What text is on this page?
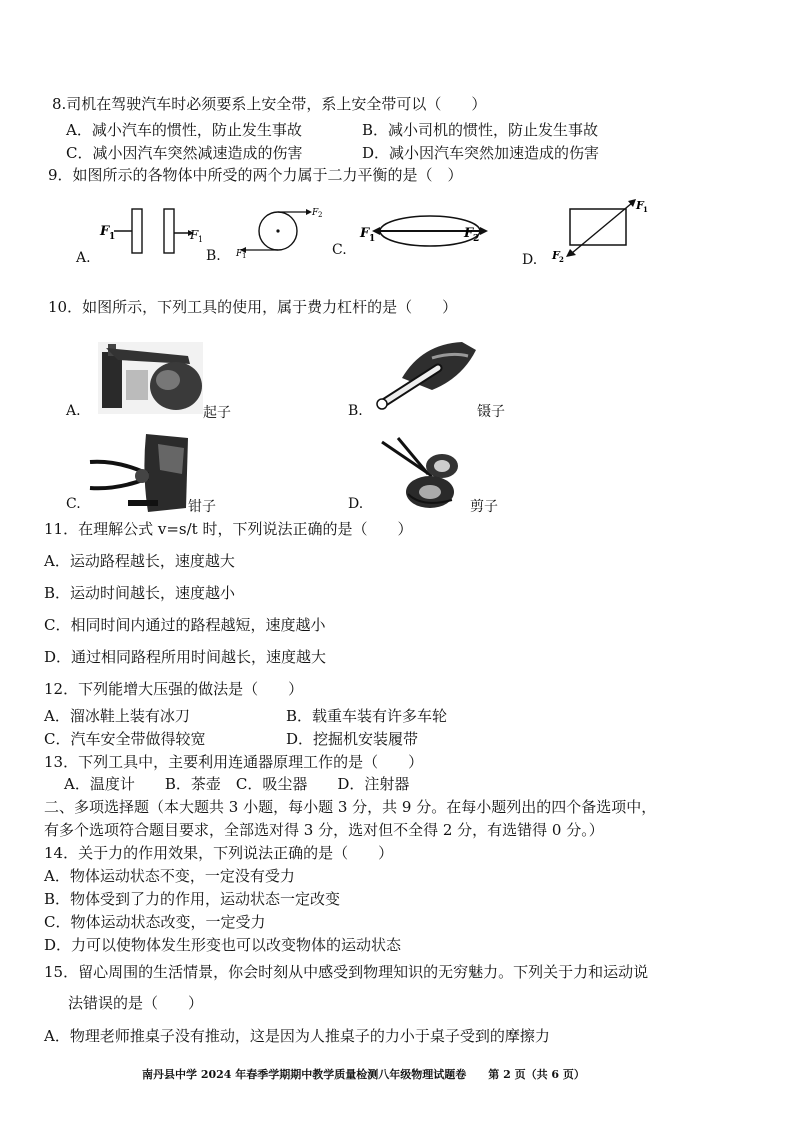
8.司机在驾驶汽车时必须要系上安全带，系上安全带可以（　　）
A．减小汽车的惯性，防止发生事故	B．减小司机的惯性，防止发生事故
C．减小因汽车突然减速造成的伤害	D．减小因汽车突然加速造成的伤害
9．如图所示的各物体中所受的两个力属于二力平衡的是（　）
F 1	F 1
F 2
F 1
F 1	F 2
F 1
F 2
A.	B.	C.
D.
10．如图所示，下列工具的使用，属于费力杠杆的是（　　）
A.	起子	B.	镊子
C.	钳子	D.	剪子
11．在理解公式 v=s/t 时，下列说法正确的是（　　）
A．运动路程越长，速度越大
B．运动时间越长，速度越小
C．相同时间内通过的路程越短，速度越小
D．通过相同路程所用时间越长，速度越大
12．下列能增大压强的做法是（　　）
A．溜冰鞋上装有冰刀	B．载重车装有许多车轮
C．汽车安全带做得较宽	D．挖掘机安装履带
13．下列工具中，主要利用连通器原理工作的是（　　）
A．温度计　　B．茶壶　C．吸尘器　　D．注射器
二、多项选择题（本大题共 3 小题，每小题 3 分，共 9 分。在每小题列出的四个备选项中，
有多个选项符合题目要求，全部选对得 3 分，选对但不全得 2 分，有选错得 0 分。）
14．关于力的作用效果，下列说法正确的是（　　）
A．物体运动状态不变，一定没有受力
B．物体受到了力的作用，运动状态一定改变
C．物体运动状态改变，一定受力
D．力可以使物体发生形变也可以改变物体的运动状态
15．留心周围的生活情景，你会时刻从中感受到物理知识的无穷魅力。下列关于力和运动说
法错误的是（　　）
A．物理老师推桌子没有推动，这是因为人推桌子的力小于桌子受到的摩擦力
南丹县中学 2024 年春季学期期中教学质量检测八年级物理试题卷　　第 2 页（共 6 页）
